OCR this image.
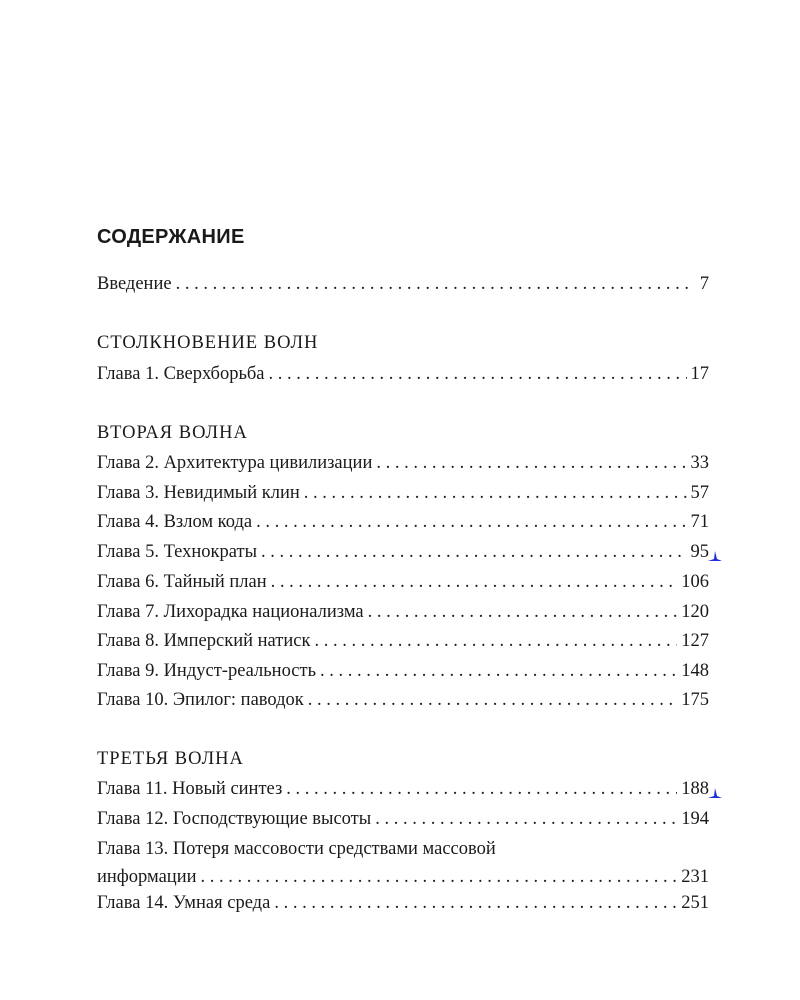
СОДЕРЖАНИЕ
Введение . . .	7
СТОЛКНОВЕНИЕ ВОЛН
Глава 1. Сверхборьба . . .	17
ВТОРАЯ ВОЛНА
Глава 2. Архитектура цивилизации . . .	33
Глава 3. Невидимый клин . . .	57
Глава 4. Взлом кода . . .	71
Глава 5. Технократы . . .	95
Глава 6. Тайный план . . .	106
Глава 7. Лихорадка национализма . . .	120
Глава 8. Имперский натиск . . .	127
Глава 9. Индуст-реальность . . .	148
Глава 10. Эпилог: паводок . . .	175
ТРЕТЬЯ ВОЛНА
Глава 11. Новый синтез . . .	188
Глава 12. Господствующие высоты . . .	194
Глава 13. Потеря массовости средствами массовой
информации . . .	231
Глава 14. Умная среда . . .	251
